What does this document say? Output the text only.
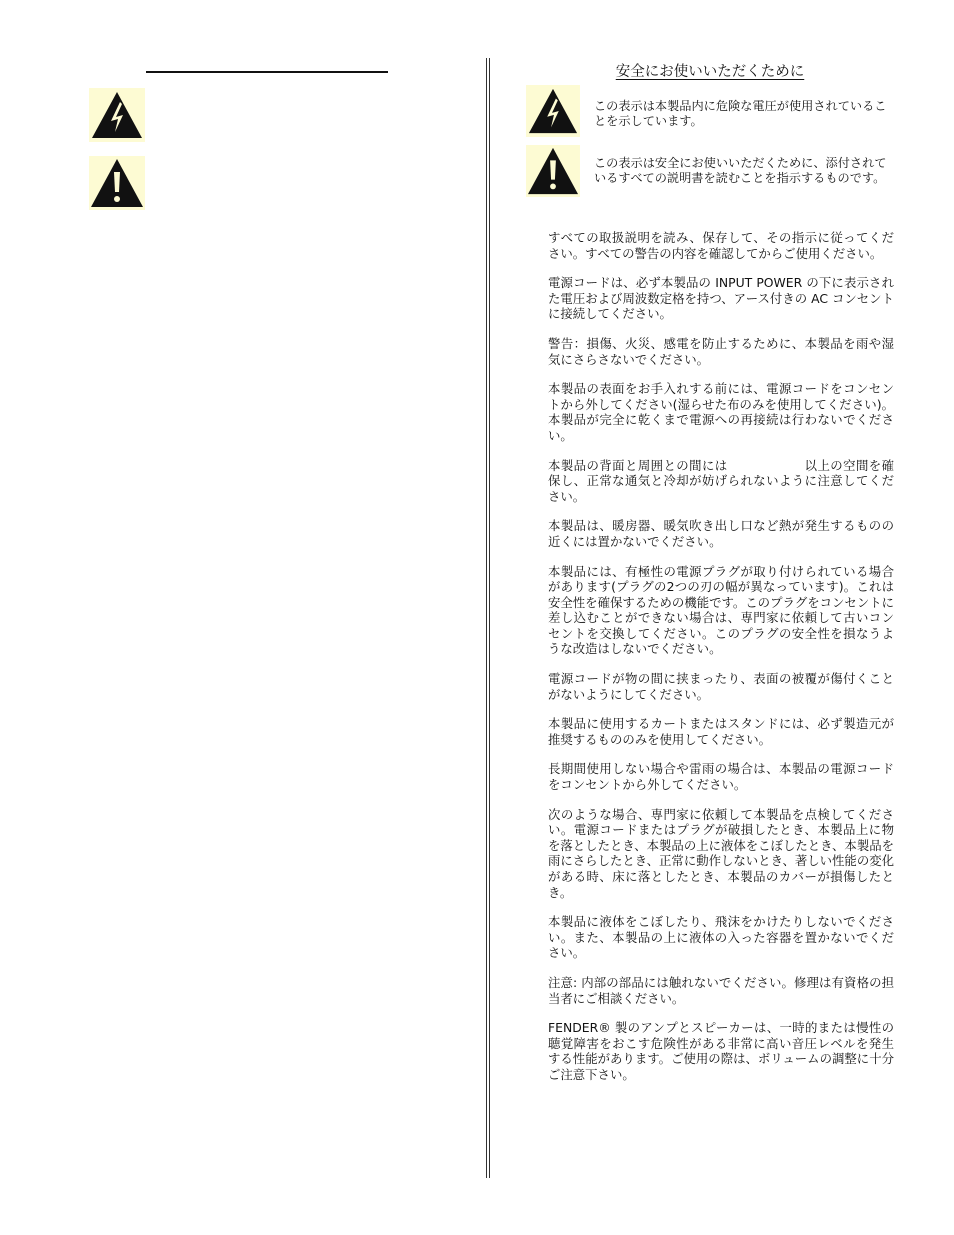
安全にお使いいただくために

この表示は本製品内に危険な電圧が使用されていることを示しています。

この表示は安全にお使いいただくために、添付されているすべての説明書を読むことを指示するものです。

すべての取扱説明を読み、保存して、その指示に従ってください。すべての警告の内容を確認してからご使用ください。

電源コードは、必ず本製品の INPUT POWER の下に表示された電圧および周波数定格を持つ、アース付きの AC コンセントに接続してください。

警告：損傷、火災、感電を防止するために、本製品を雨や湿気にさらさないでください。

本製品の表面をお手入れする前には、電源コードをコンセントから外してください(湿らせた布のみを使用してください)。本製品が完全に乾くまで電源への再接続は行わないでください。

本製品の背面と周囲との間には　　　　　　以上の空間を確保し、正常な通気と冷却が妨げられないように注意してください。

本製品は、暖房器、暖気吹き出し口など熱が発生するものの近くには置かないでください。

本製品には、有極性の電源プラグが取り付けられている場合があります(プラグの2つの刃の幅が異なっています)。これは安全性を確保するための機能です。このプラグをコンセントに差し込むことができない場合は、専門家に依頼して古いコンセントを交換してください。このプラグの安全性を損なうような改造はしないでください。

電源コードが物の間に挟まったり、表面の被覆が傷付くことがないようにしてください。

本製品に使用するカートまたはスタンドには、必ず製造元が推奨するもののみを使用してください。

長期間使用しない場合や雷雨の場合は、本製品の電源コードをコンセントから外してください。

次のような場合、専門家に依頼して本製品を点検してください。電源コードまたはプラグが破損したとき、本製品上に物を落としたとき、本製品の上に液体をこぼしたとき、本製品を雨にさらしたとき、正常に動作しないとき、著しい性能の変化がある時、床に落としたとき、本製品のカバーが損傷したとき。

本製品に液体をこぼしたり、飛沫をかけたりしないでください。また、本製品の上に液体の入った容器を置かないでください。

注意: 内部の部品には触れないでください。修理は有資格の担当者にご相談ください。

FENDER® 製のアンプとスピーカーは、一時的または慢性の聴覚障害をおこす危険性がある非常に高い音圧レベルを発生する性能があります。ご使用の際は、ボリュームの調整に十分ご注意下さい。
